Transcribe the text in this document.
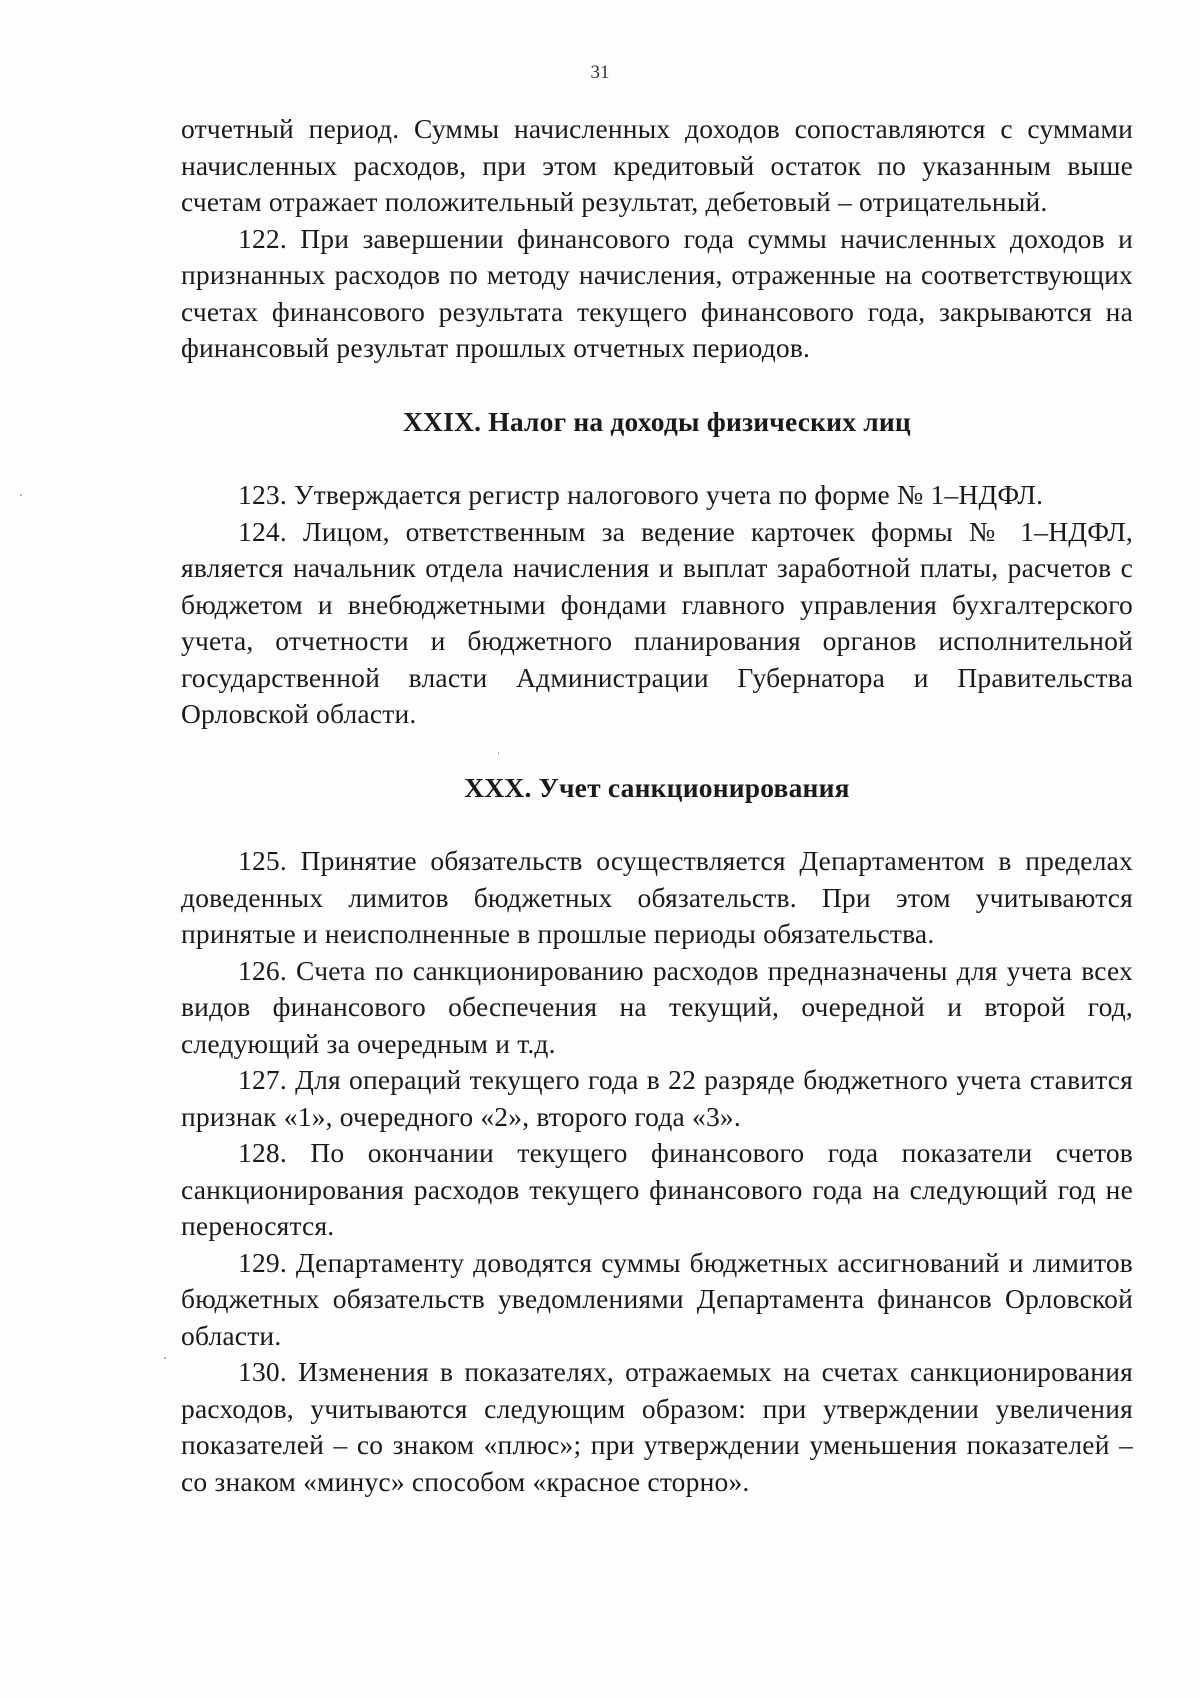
31

отчетный период. Суммы начисленных доходов сопоставляются с суммами начисленных расходов, при этом кредитовый остаток по указанным выше счетам отражает положительный результат, дебетовый – отрицательный.

122. При завершении финансового года суммы начисленных доходов и признанных расходов по методу начисления, отраженные на соответствующих счетах финансового результата текущего финансового года, закрываются на финансовый результат прошлых отчетных периодов.

XXIX. Налог на доходы физических лиц

123. Утверждается регистр налогового учета по форме № 1–НДФЛ.

124. Лицом, ответственным за ведение карточек формы № 1–НДФЛ, является начальник отдела начисления и выплат заработной платы, расчетов с бюджетом и внебюджетными фондами главного управления бухгалтерского учета, отчетности и бюджетного планирования органов исполнительной государственной власти Администрации Губернатора и Правительства Орловской области.

XXX. Учет санкционирования

125. Принятие обязательств осуществляется Департаментом в пределах доведенных лимитов бюджетных обязательств. При этом учитываются принятые и неисполненные в прошлые периоды обязательства.

126. Счета по санкционированию расходов предназначены для учета всех видов финансового обеспечения на текущий, очередной и второй год, следующий за очередным и т.д.

127. Для операций текущего года в 22 разряде бюджетного учета ставится признак «1», очередного «2», второго года «3».

128. По окончании текущего финансового года показатели счетов санкционирования расходов текущего финансового года на следующий год не переносятся.

129. Департаменту доводятся суммы бюджетных ассигнований и лимитов бюджетных обязательств уведомлениями Департамента финансов Орловской области.

130. Изменения в показателях, отражаемых на счетах санкционирования расходов, учитываются следующим образом: при утверждении увеличения показателей – со знаком «плюс»; при утверждении уменьшения показателей – со знаком «минус» способом «красное сторно».
